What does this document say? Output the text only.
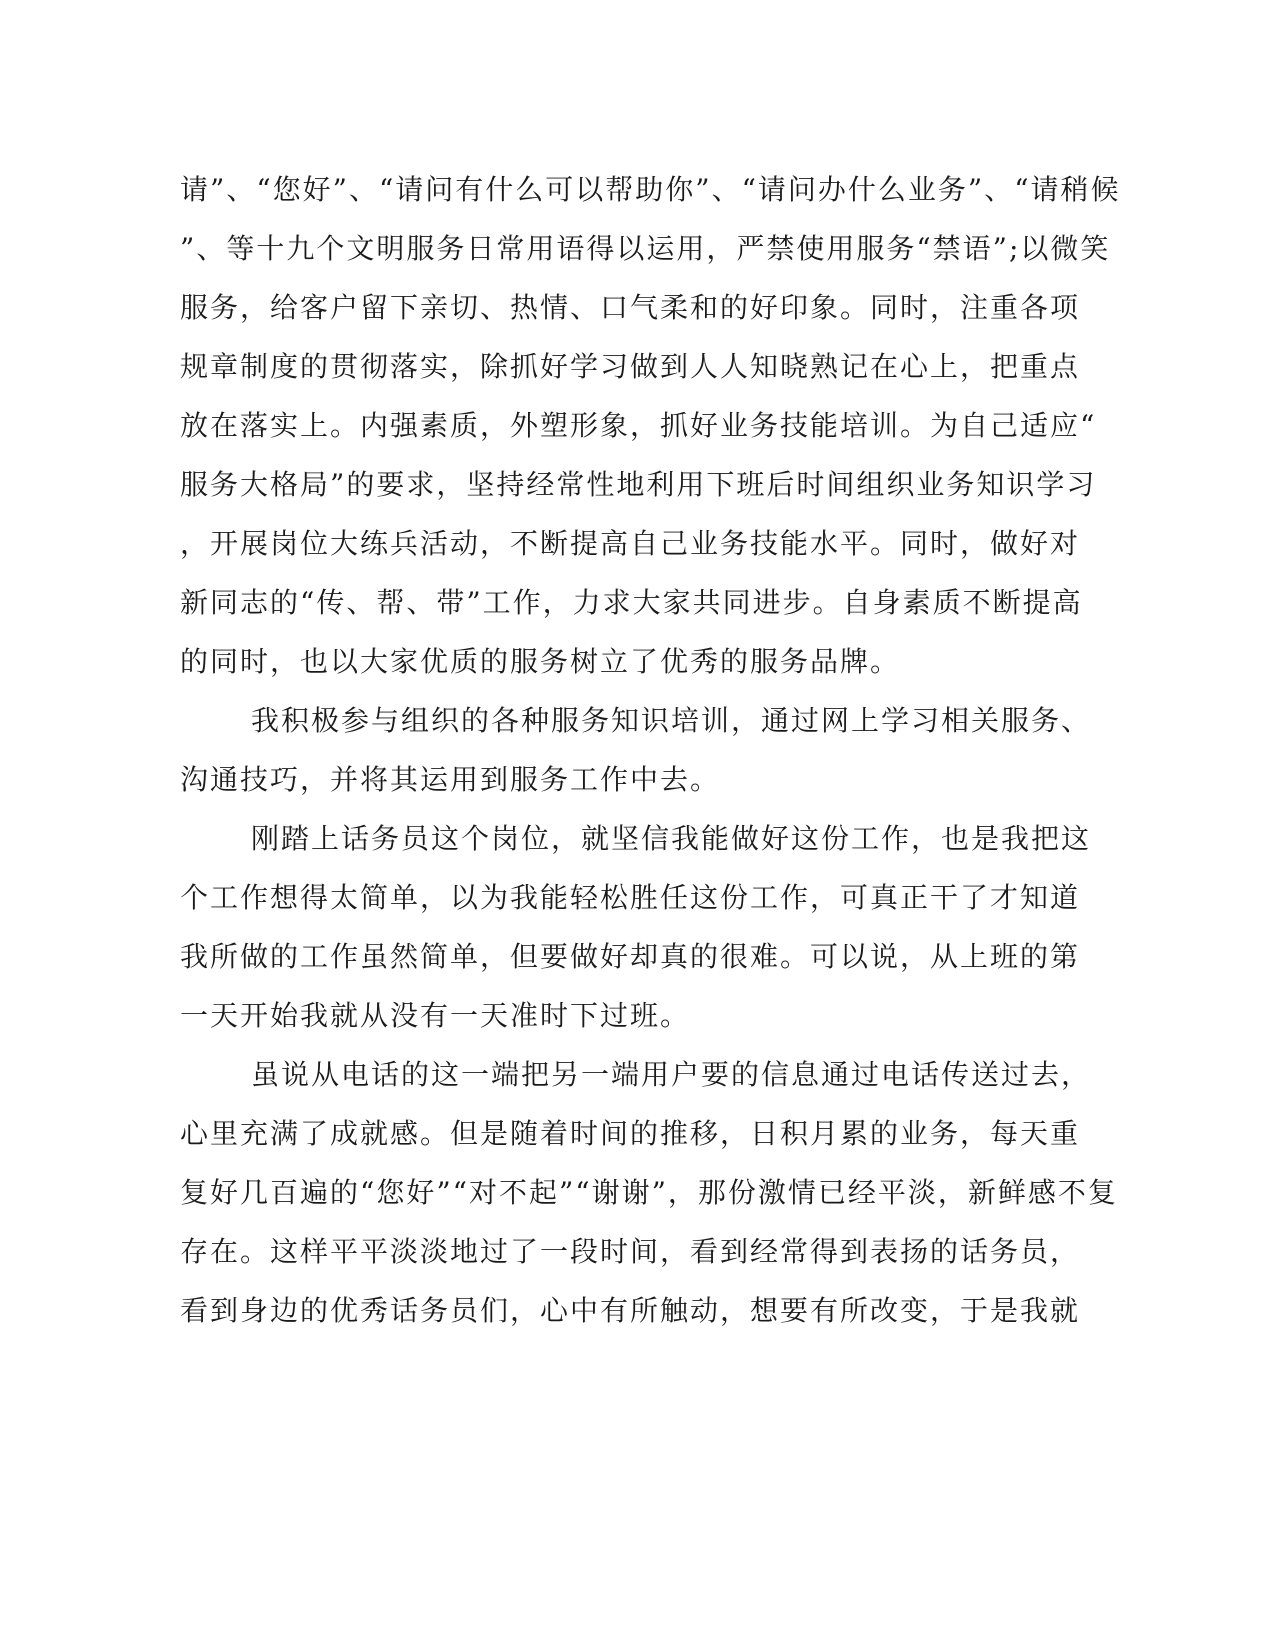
请”、“您好”、“请问有什么可以帮助你”、“请问办什么业务”、“请稍候
”、等十九个文明服务日常用语得以运用，严禁使用服务“禁语”;以微笑
服务，给客户留下亲切、热情、口气柔和的好印象。同时，注重各项
规章制度的贯彻落实，除抓好学习做到人人知晓熟记在心上，把重点
放在落实上。内强素质，外塑形象，抓好业务技能培训。为自己适应“
服务大格局”的要求，坚持经常性地利用下班后时间组织业务知识学习
，开展岗位大练兵活动，不断提高自己业务技能水平。同时，做好对
新同志的“传、帮、带”工作，力求大家共同进步。自身素质不断提高
的同时，也以大家优质的服务树立了优秀的服务品牌。
我积极参与组织的各种服务知识培训，通过网上学习相关服务、
沟通技巧，并将其运用到服务工作中去。
刚踏上话务员这个岗位，就坚信我能做好这份工作，也是我把这
个工作想得太简单，以为我能轻松胜任这份工作，可真正干了才知道
我所做的工作虽然简单，但要做好却真的很难。可以说，从上班的第
一天开始我就从没有一天准时下过班。
虽说从电话的这一端把另一端用户要的信息通过电话传送过去，
心里充满了成就感。但是随着时间的推移，日积月累的业务，每天重
复好几百遍的“您好”“对不起”“谢谢”，那份激情已经平淡，新鲜感不复
存在。这样平平淡淡地过了一段时间，看到经常得到表扬的话务员，
看到身边的优秀话务员们，心中有所触动，想要有所改变，于是我就
